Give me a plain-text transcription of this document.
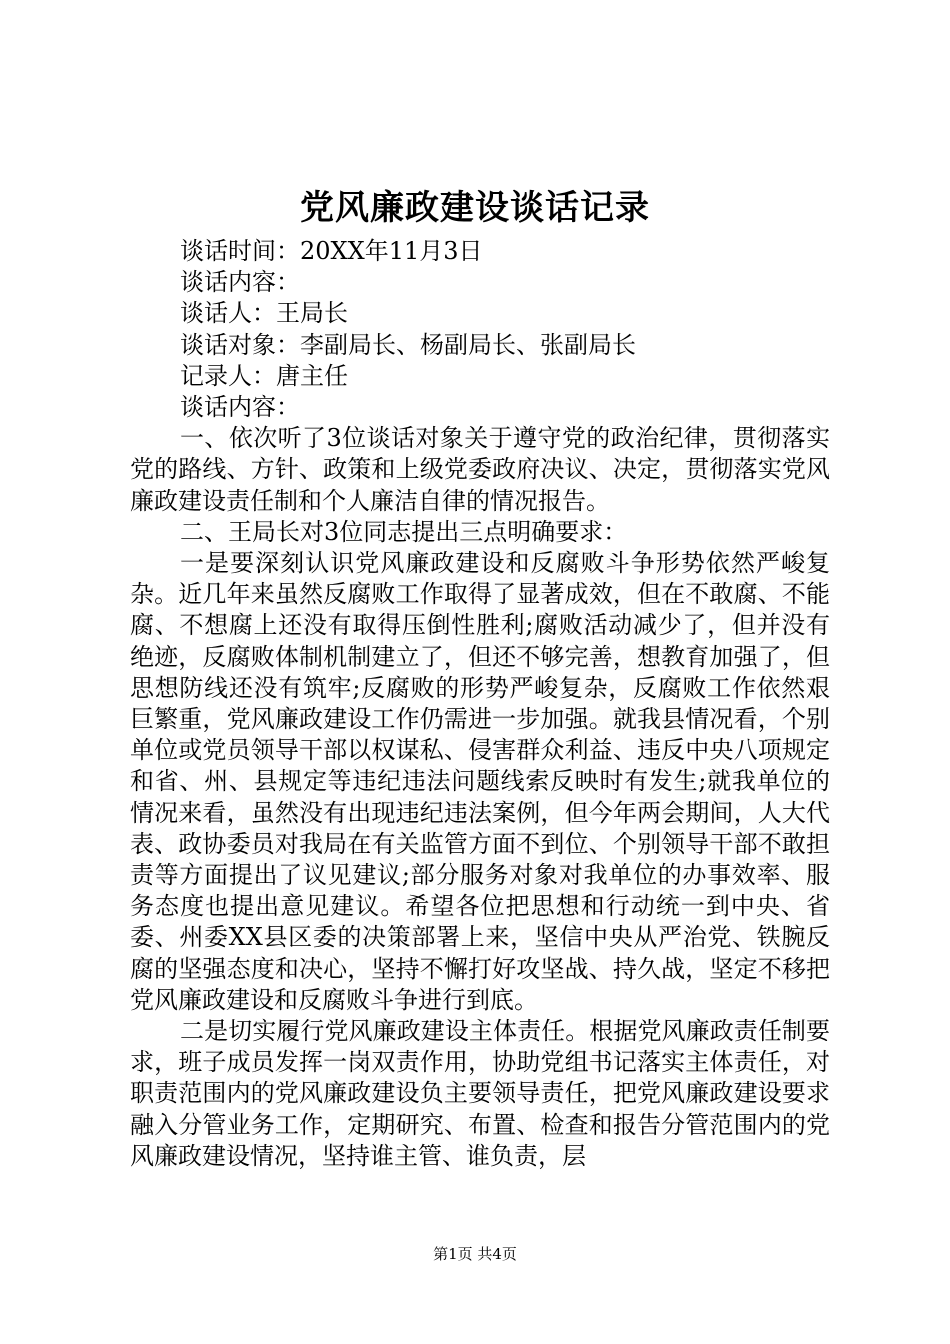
党风廉政建设谈话记录
谈话时间：20XX年11月3日
谈话内容：
谈话人：王局长
谈话对象：李副局长、杨副局长、张副局长
记录人：唐主任
谈话内容：

一、依次听了3位谈话对象关于遵守党的政治纪律，贯彻落实党的路线、方针、政策和上级党委政府决议、决定，贯彻落实党风廉政建设责任制和个人廉洁自律的情况报告。

二、王局长对3位同志提出三点明确要求：

一是要深刻认识党风廉政建设和反腐败斗争形势依然严峻复杂。近几年来虽然反腐败工作取得了显著成效，但在不敢腐、不能腐、不想腐上还没有取得压倒性胜利;腐败活动减少了，但并没有绝迹，反腐败体制机制建立了，但还不够完善，想教育加强了，但思想防线还没有筑牢;反腐败的形势严峻复杂，反腐败工作依然艰巨繁重，党风廉政建设工作仍需进一步加强。就我县情况看，个别单位或党员领导干部以权谋私、侵害群众利益、违反中央八项规定和省、州、县规定等违纪违法问题线索反映时有发生;就我单位的情况来看，虽然没有出现违纪违法案例，但今年两会期间，人大代表、政协委员对我局在有关监管方面不到位、个别领导干部不敢担责等方面提出了议见建议;部分服务对象对我单位的办事效率、服务态度也提出意见建议。希望各位把思想和行动统一到中央、省委、州委XX县区委的决策部署上来，坚信中央从严治党、铁腕反腐的坚强态度和决心，坚持不懈打好攻坚战、持久战，坚定不移把党风廉政建设和反腐败斗争进行到底。

二是切实履行党风廉政建设主体责任。根据党风廉政责任制要求，班子成员发挥一岗双责作用，协助党组书记落实主体责任，对职责范围内的党风廉政建设负主要领导责任，把党风廉政建设要求融入分管业务工作，定期研究、布置、检查和报告分管范围内的党风廉政建设情况，坚持谁主管、谁负责，层

第1页 共4页
